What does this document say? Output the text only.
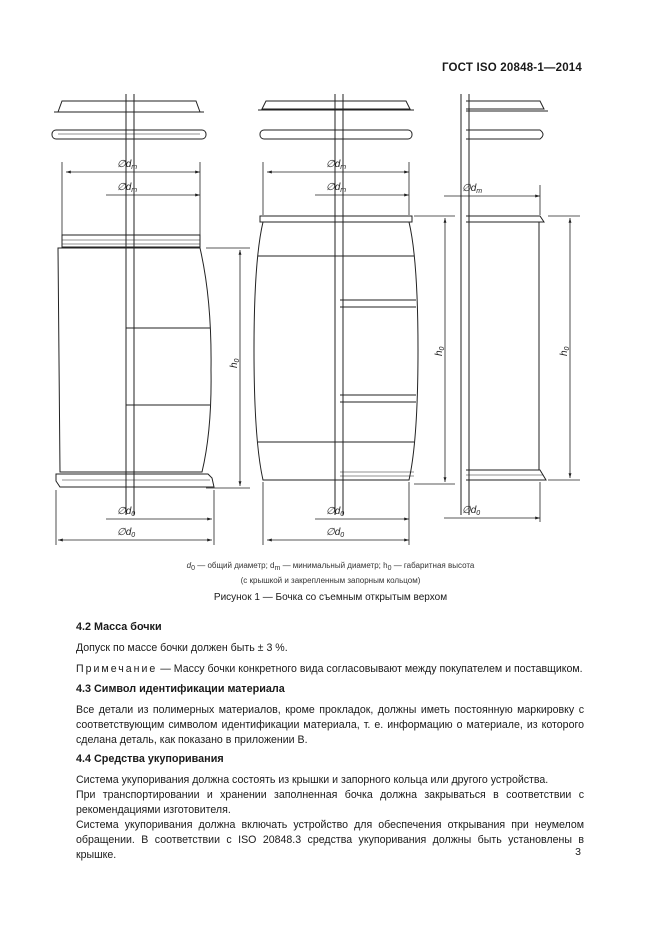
ГОСТ ISO 20848-1—2014
$\emptyset d_m$
$\emptyset d_m$
$\emptyset d_0$
$\emptyset d_0$
$\emptyset d_m$
$\emptyset d_m$
$\emptyset d_0$
$\emptyset d_0$
$\emptyset d_m$
$\emptyset d_0$
$h_0$
$h_0$
$h_0$
d0 — общий диаметр; dm — минимальный диаметр; h0 — габаритная высота
(с крышкой и закрепленным запорным кольцом)
Рисунок 1 — Бочка со съемным открытым верхом
4.2 Масса бочки
Допуск по массе бочки должен быть ± 3 %.
Примечание — Массу бочки конкретного вида согласовывают между покупателем и поставщиком.
4.3 Символ идентификации материала
Все детали из полимерных материалов, кроме прокладок, должны иметь постоянную маркировку с соответствующим символом идентификации материала, т. е. информацию о материале, из которого сделана деталь, как показано в приложении В.
4.4 Средства укупоривания
Система укупоривания должна состоять из крышки и запорного кольца или другого устройства.
При транспортировании и хранении заполненная бочка должна закрываться в соответствии с рекомендациями изготовителя.
Система укупоривания должна включать устройство для обеспечения открывания при неумелом обращении. В соответствии с ISO 20848.3 средства укупоривания должны быть установлены в крышке.	3
